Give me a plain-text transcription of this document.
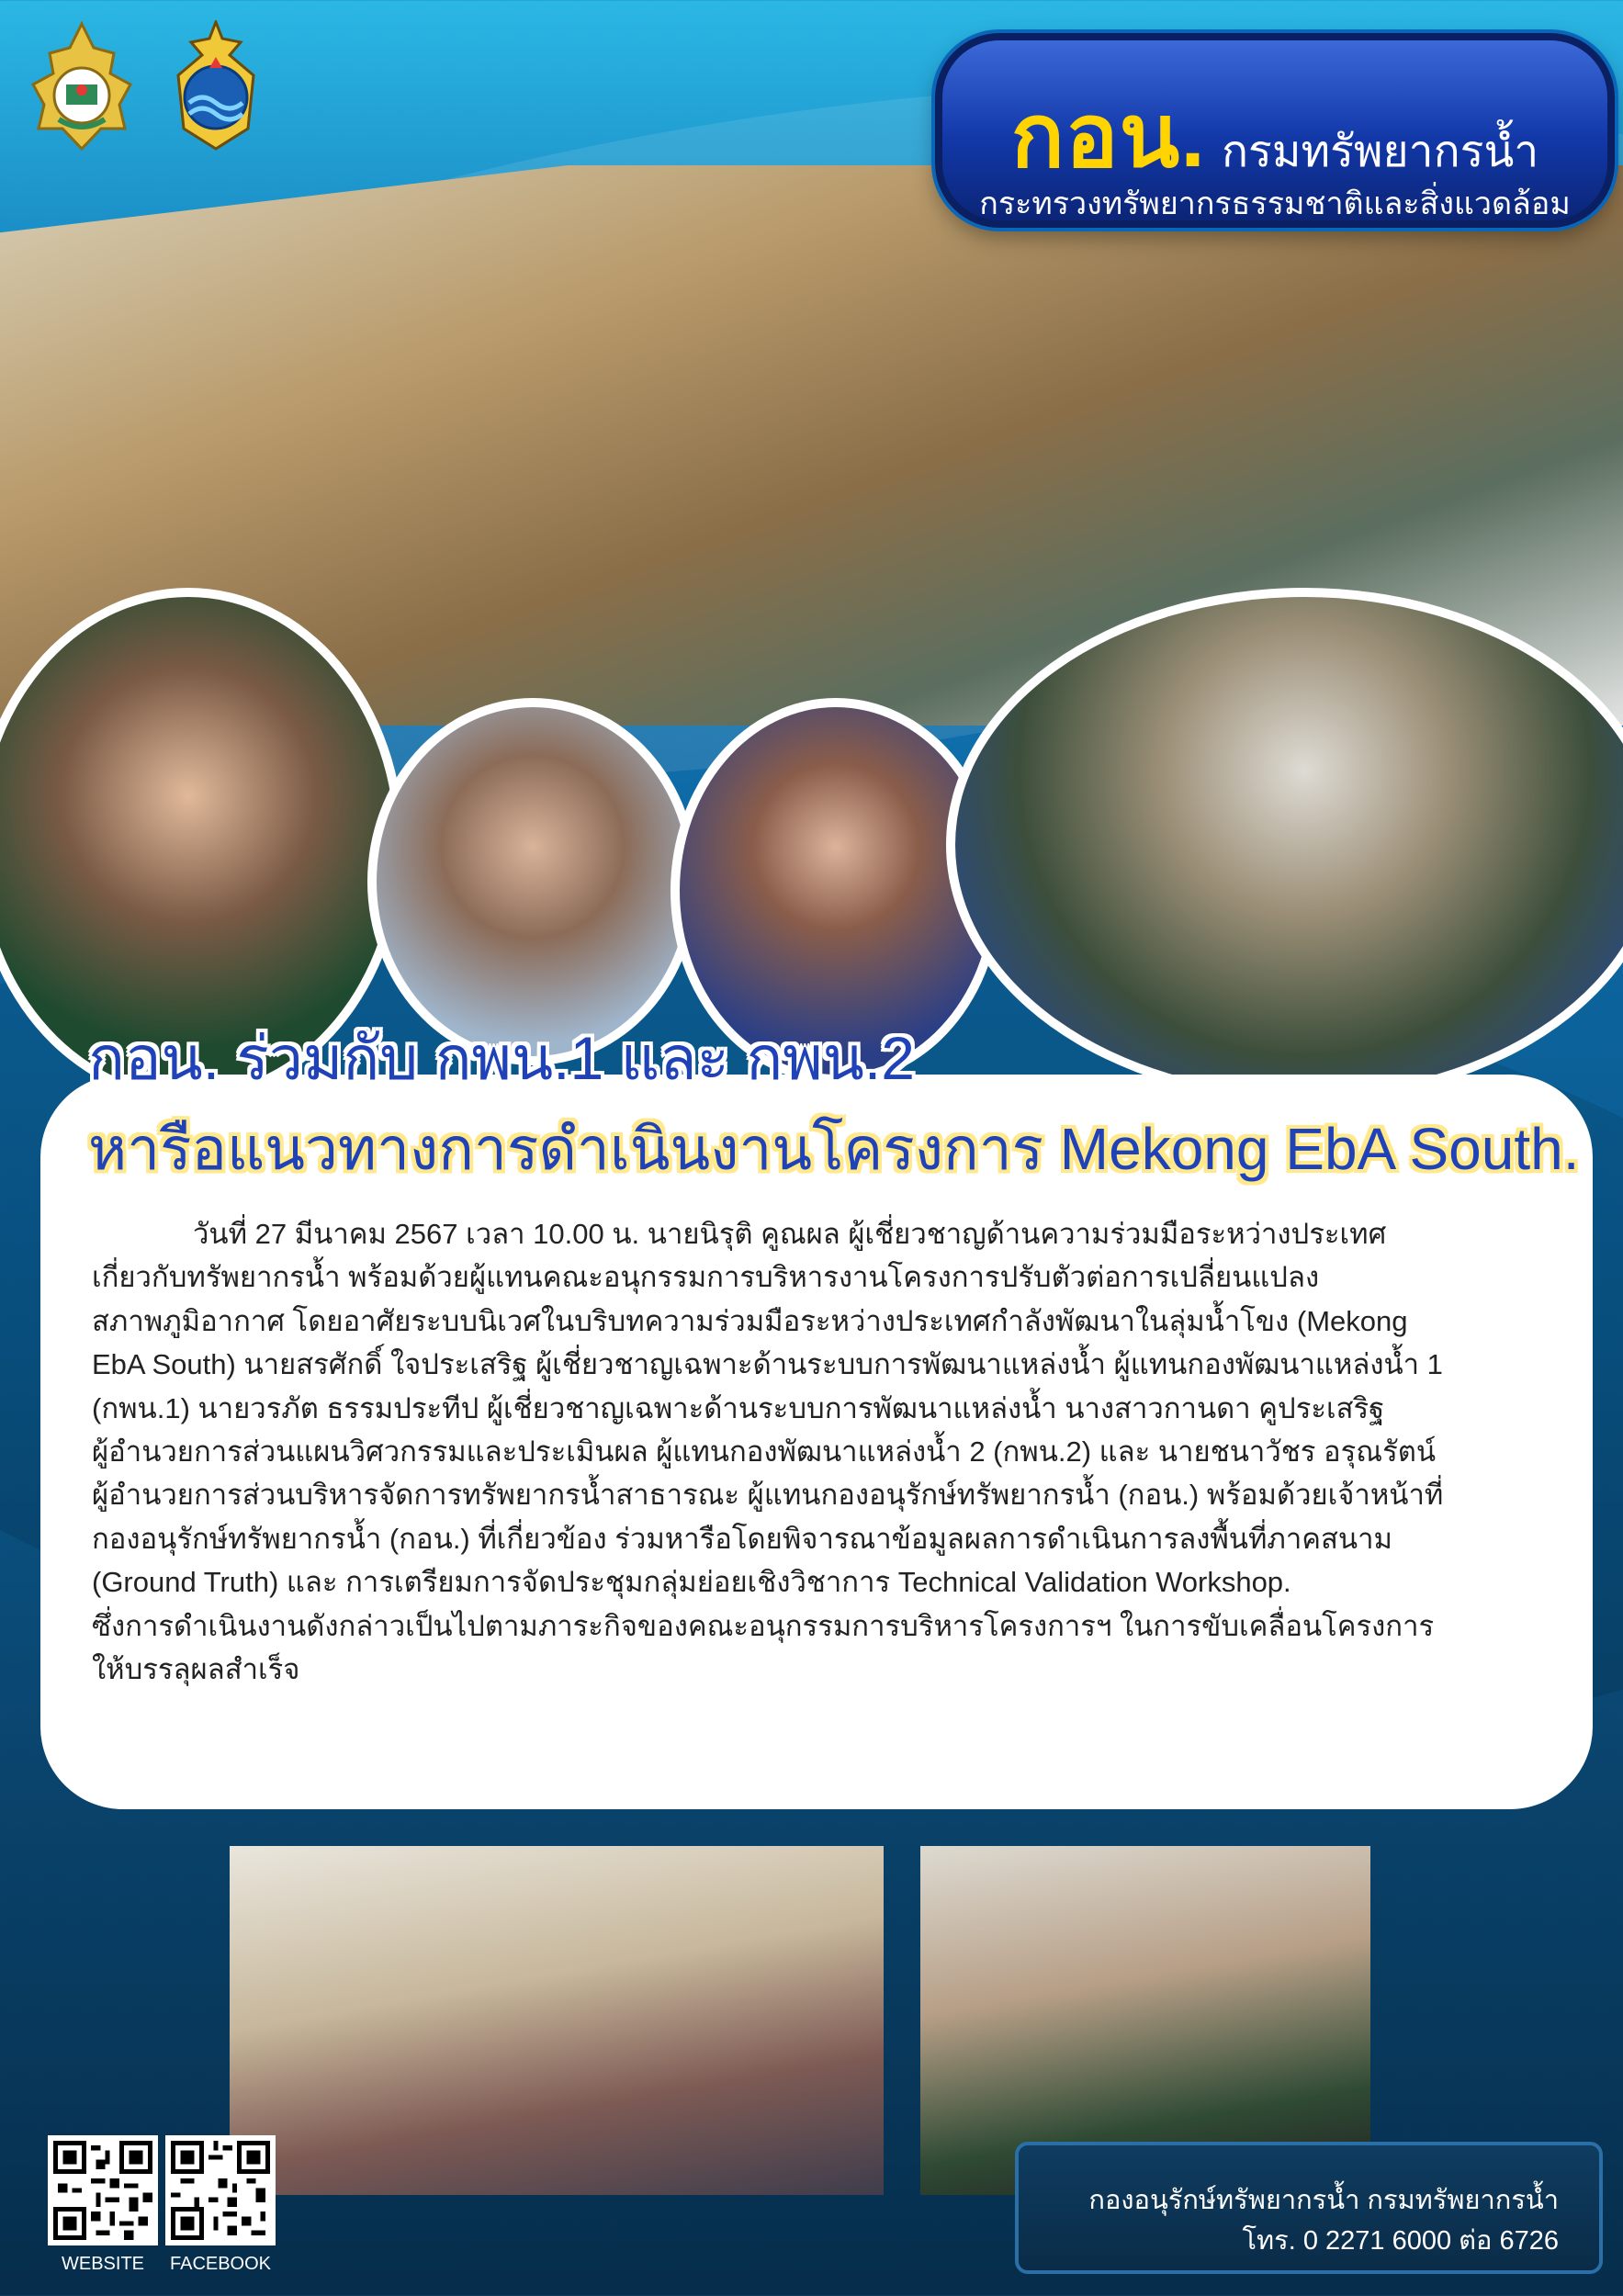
กอน. กรมทรัพยากรน้ำ
กระทรวงทรัพยากรธรรมชาติและสิ่งแวดล้อม
กอน. ร่วมกับ กพน.1 และ กพน.2
หารือแนวทางการดำเนินงานโครงการ Mekong EbA South.
วันที่ 27 มีนาคม 2567 เวลา 10.00 น. นายนิรุติ คูณผล ผู้เชี่ยวชาญด้านความร่วมมือระหว่างประเทศ
เกี่ยวกับทรัพยากรน้ำ พร้อมด้วยผู้แทนคณะอนุกรรมการบริหารงานโครงการปรับตัวต่อการเปลี่ยนแปลง
สภาพภูมิอากาศ โดยอาศัยระบบนิเวศในบริบทความร่วมมือระหว่างประเทศกำลังพัฒนาในลุ่มน้ำโขง (Mekong
EbA South) นายสรศักดิ์ ใจประเสริฐ ผู้เชี่ยวชาญเฉพาะด้านระบบการพัฒนาแหล่งน้ำ ผู้แทนกองพัฒนาแหล่งน้ำ 1
(กพน.1) นายวรภัต ธรรมประทีป ผู้เชี่ยวชาญเฉพาะด้านระบบการพัฒนาแหล่งน้ำ นางสาวกานดา คูประเสริฐ
ผู้อำนวยการส่วนแผนวิศวกรรมและประเมินผล ผู้แทนกองพัฒนาแหล่งน้ำ 2 (กพน.2) และ นายชนาวัชร อรุณรัตน์
ผู้อำนวยการส่วนบริหารจัดการทรัพยากรน้ำสาธารณะ ผู้แทนกองอนุรักษ์ทรัพยากรน้ำ (กอน.) พร้อมด้วยเจ้าหน้าที่
กองอนุรักษ์ทรัพยากรน้ำ (กอน.) ที่เกี่ยวข้อง ร่วมหารือโดยพิจารณาข้อมูลผลการดำเนินการลงพื้นที่ภาคสนาม
(Ground Truth) และ การเตรียมการจัดประชุมกลุ่มย่อยเชิงวิชาการ Technical Validation Workshop.
ซึ่งการดำเนินงานดังกล่าวเป็นไปตามภาระกิจของคณะอนุกรรมการบริหารโครงการฯ ในการขับเคลื่อนโครงการ
ให้บรรลุผลสำเร็จ
WEBSITE	FACEBOOK
กองอนุรักษ์ทรัพยากรน้ำ กรมทรัพยากรน้ำ
โทร. 0 2271 6000 ต่อ 6726
